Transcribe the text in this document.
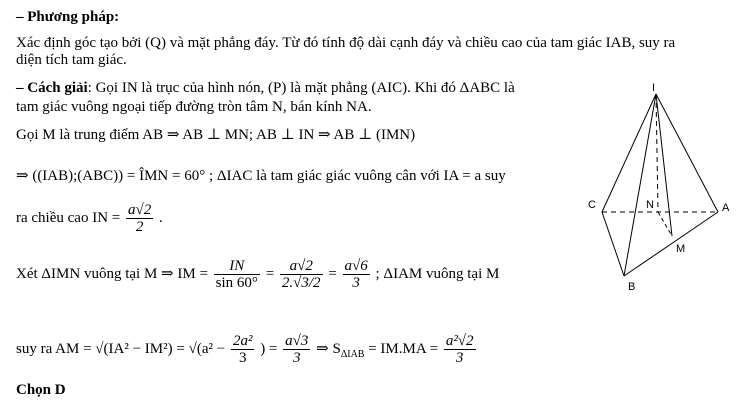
– Phương pháp:
Xác định góc tạo bởi (Q) và mặt phẳng đáy. Từ đó tính độ dài cạnh đáy và chiều cao của tam giác IAB, suy ra
diện tích tam giác.
– Cách giải: Gọi IN là trục của hình nón, (P) là mặt phẳng (AIC). Khi đó ΔABC là
tam giác vuông ngoại tiếp đường tròn tâm N, bán kính NA.
Gọi M là trung điểm AB ⇒ AB ⊥ MN; AB ⊥ IN ⇒ AB ⊥ (IMN)
⇒ ((IAB);(ABC)) = ÎMN = 60° ; ΔIAC là tam giác giác vuông cân với IA = a suy
ra chiều cao IN = $\frac{a√2}{2}$ .
Xét ΔIMN vuông tại M ⇒ IM = $\frac{IN}{\sin 60^\circ} = \frac{a√2}{2.√3/2} = \frac{a√6}{3}$ ; ΔIAM vuông tại M
suy ra AM = $√(IA^2 - IM^2) = √(a^2 - \frac{\text{2a²}}{3}$ ) = $\frac{a√3}{3}$ ⇒ $S_{\Delta IAB} = IM.MA = \frac{\text{a²√2}}{3}$
Chọn D
I
C	A
B
N
M
